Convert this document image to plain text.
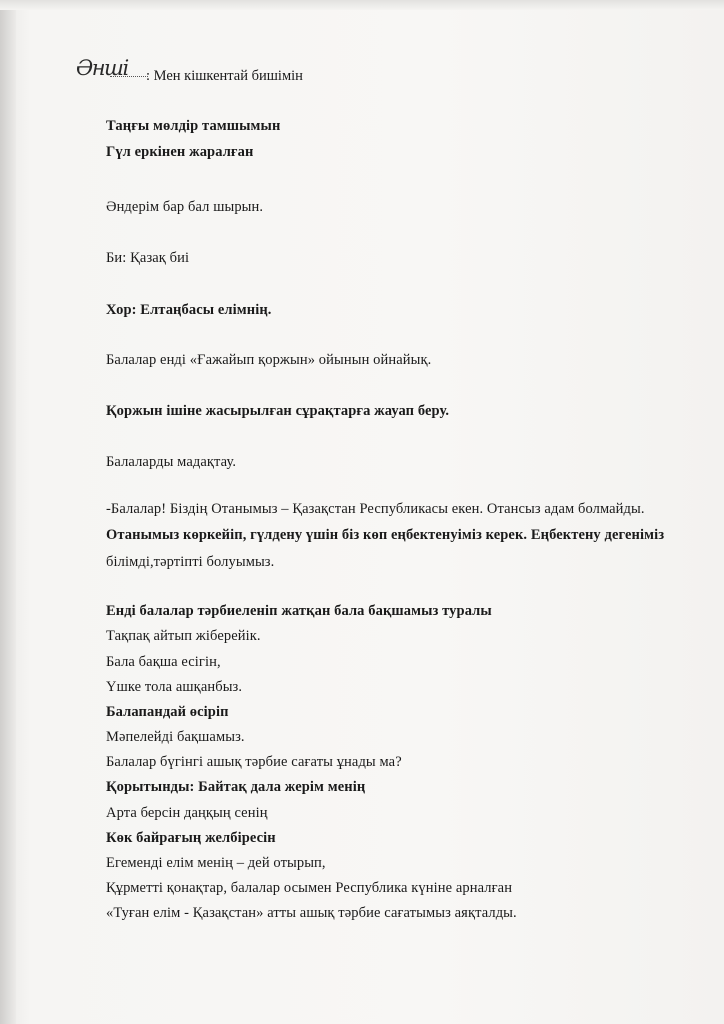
Әнші : Мен кішкентай бишімін
Таңғы мөлдір тамшымын
Гүл еркінен жаралған
Әндерім бар бал шырын.
Би: Қазақ биі
Хор: Елтаңбасы елімнің.
Балалар енді «Ғажайып қоржын» ойынын ойнайық.
Қоржын ішіне жасырылған сұрақтарға жауап беру.
Балаларды мадақтау.
-Балалар! Біздің Отанымыз – Қазақстан Республикасы екен. Отансыз адам болмайды.
Отанымыз көркейіп, гүлдену үшін біз көп еңбектенуіміз керек. Еңбектену дегеніміз
білімді,тәртіпті болуымыз.
Енді балалар тәрбиеленіп жатқан бала бақшамыз туралы
Тақпақ айтып жіберейік.
Бала бақша есігін,
Үшке тола ашқанбыз.
Балапандай өсіріп
Мәпелейді бақшамыз.
Балалар бүгінгі ашық тәрбие сағаты ұнады ма?
Қорытынды: Байтақ дала жерім менің
Арта берсін даңқың сенің
Көк байрағың желбіресін
Егеменді елім менің – дей отырып,
Құрметті қонақтар, балалар осымен Республика күніне арналған
«Туған елім - Қазақстан» атты ашық тәрбие сағатымыз аяқталды.
